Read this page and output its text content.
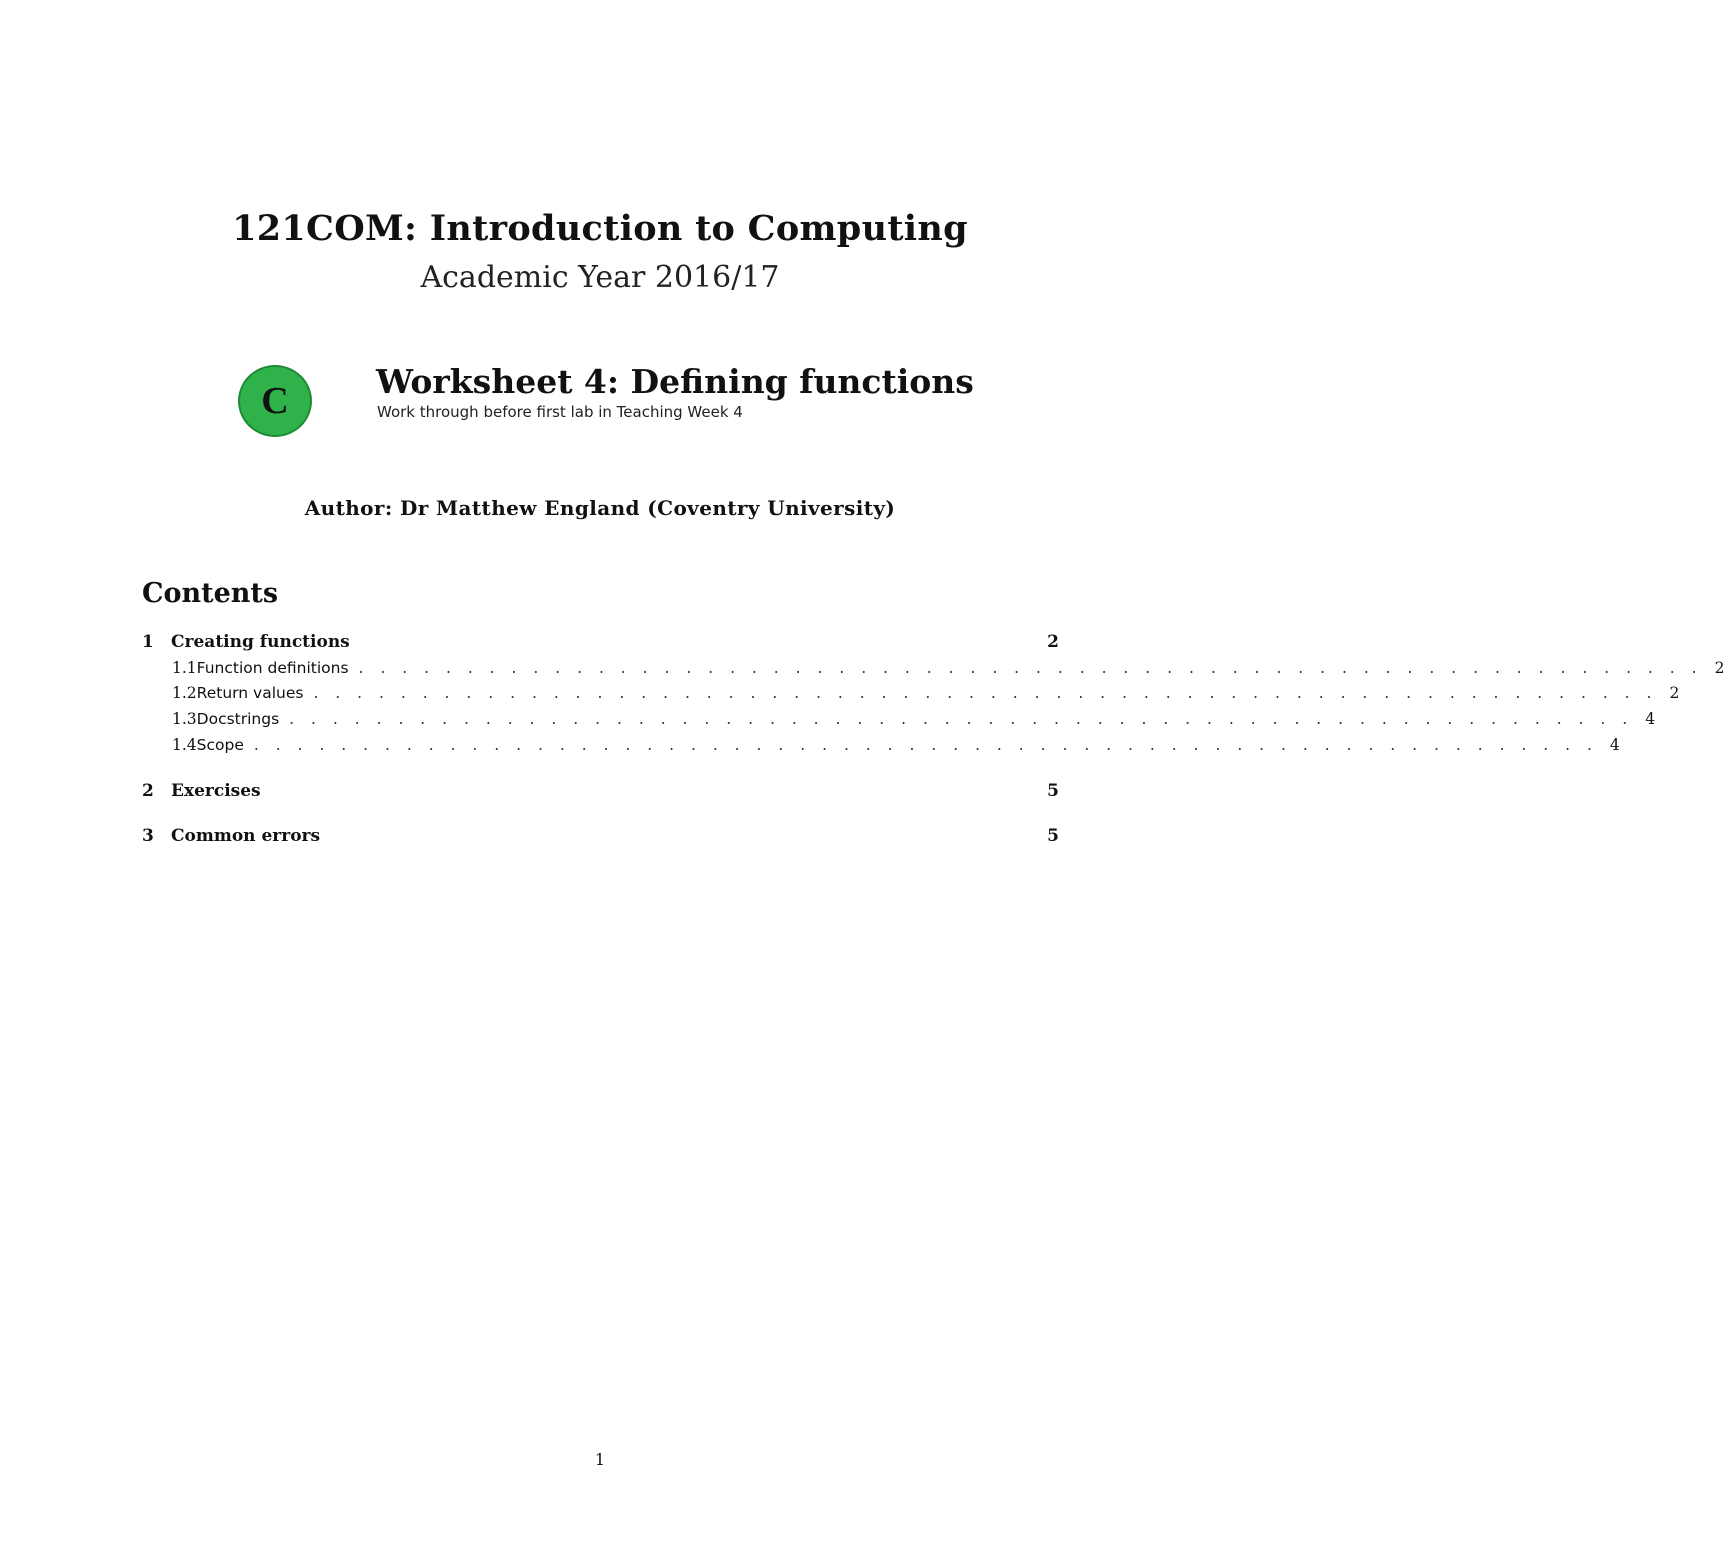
121COM: Introduction to Computing
Academic Year 2016/17
C	Worksheet 4: Defining functions
Work through before first lab in Teaching Week 4
Author: Dr Matthew England (Coventry University)
Contents
1	Creating functions	2
1.1 Function definitions . . . . . . . . . . . . . . . . . . . . . . . . . . . . . . . . . . . . . . . . . . . . . . . . . . . . . . . . . . . . . . 2
1.2 Return values . . . . . . . . . . . . . . . . . . . . . . . . . . . . . . . . . . . . . . . . . . . . . . . . . . . . . . . . . . . . . . 2
1.3 Docstrings . . . . . . . . . . . . . . . . . . . . . . . . . . . . . . . . . . . . . . . . . . . . . . . . . . . . . . . . . . . . . . 4
1.4 Scope . . . . . . . . . . . . . . . . . . . . . . . . . . . . . . . . . . . . . . . . . . . . . . . . . . . . . . . . . . . . . . 4
2	Exercises	5
3	Common errors	5
1
